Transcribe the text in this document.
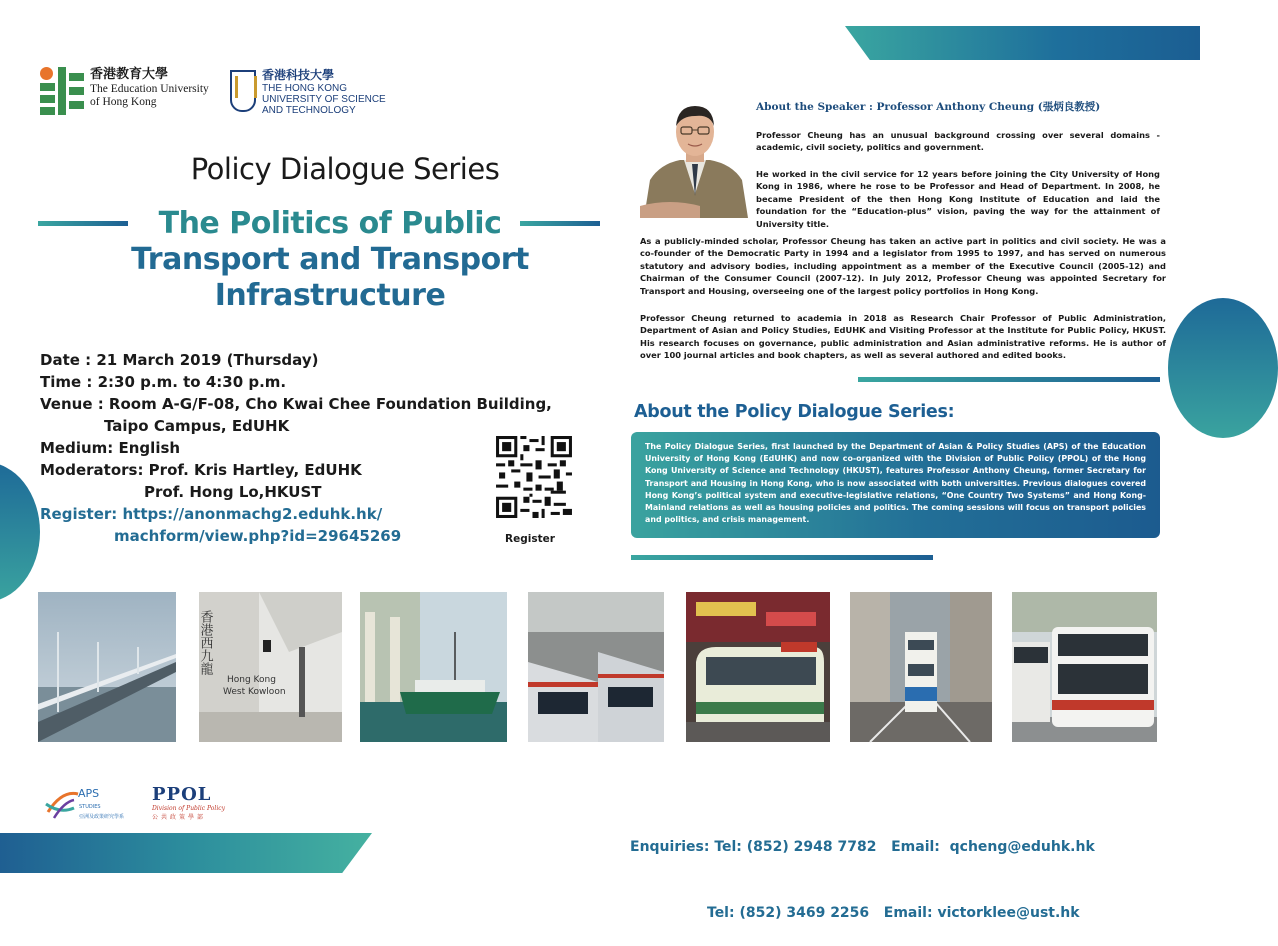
香港教育大學
The Education University
of Hong Kong
香港科技大學
THE HONG KONG
UNIVERSITY OF SCIENCE
AND TECHNOLOGY
Policy Dialogue Series
The Politics of Public
Transport and Transport
Infrastructure
Date : 21 March 2019 (Thursday)
Time : 2:30 p.m. to 4:30 p.m.
Venue : Room A-G/F-08, Cho Kwai Chee Foundation Building,
Taipo Campus, EdUHK
Medium: English
Moderators: Prof. Kris Hartley, EdUHK
Prof. Hong Lo,HKUST
Register: https://anonmachg2.eduhk.hk/
machform/view.php?id=29645269	Register
About the Speaker : Professor Anthony Cheung (張炳良教授)
Professor Cheung has an unusual background crossing over several domains - academic, civil society, politics and government.
He worked in the civil service for 12 years before joining the City University of Hong Kong in 1986, where he rose to be Professor and Head of Department. In 2008, he became President of the then Hong Kong Institute of Education and laid the foundation for the “Education-plus” vision, paving the way for the attainment of University title.
As a publicly-minded scholar, Professor Cheung has taken an active part in politics and civil society. He was a co-founder of the Democratic Party in 1994 and a legislator from 1995 to 1997, and has served on numerous statutory and advisory bodies, including appointment as a member of the Executive Council (2005-12) and Chairman of the Consumer Council (2007-12). In July 2012, Professor Cheung was appointed Secretary for Transport and Housing, overseeing one of the largest policy portfolios in Hong Kong.
Professor Cheung returned to academia in 2018 as Research Chair Professor of Public Administration, Department of Asian and Policy Studies, EdUHK and Visiting Professor at the Institute for Public Policy, HKUST. His research focuses on governance, public administration and Asian administrative reforms. He is author of over 100 journal articles and book chapters, as well as several authored and edited books.
About the Policy Dialogue Series:

The Policy Dialogue Series, first launched by the Department of Asian & Policy Studies (APS) of the Education University of Hong Kong (EdUHK) and now co-organized with the Division of Public Policy (PPOL) of the Hong Kong University of Science and Technology (HKUST), features Professor Anthony Cheung, former Secretary for Transport and Housing in Hong Kong, who is now associated with both universities. Previous dialogues covered Hong Kong’s political system and executive-legislative relations, “One Country Two Systems” and Hong Kong-Mainland relations as well as housing policies and politics. The coming sessions will focus on transport policies and politics, and crisis management.

香港西九龍
Hong Kong
West Kowloon
APS
STUDIES
亞洲及政策研究學系
PPOL
Division of Public Policy
公共政策學部

Enquiries: Tel: (852) 2948 7782   Email:  qcheng@eduhk.hk

Tel: (852) 3469 2256   Email: victorklee@ust.hk
